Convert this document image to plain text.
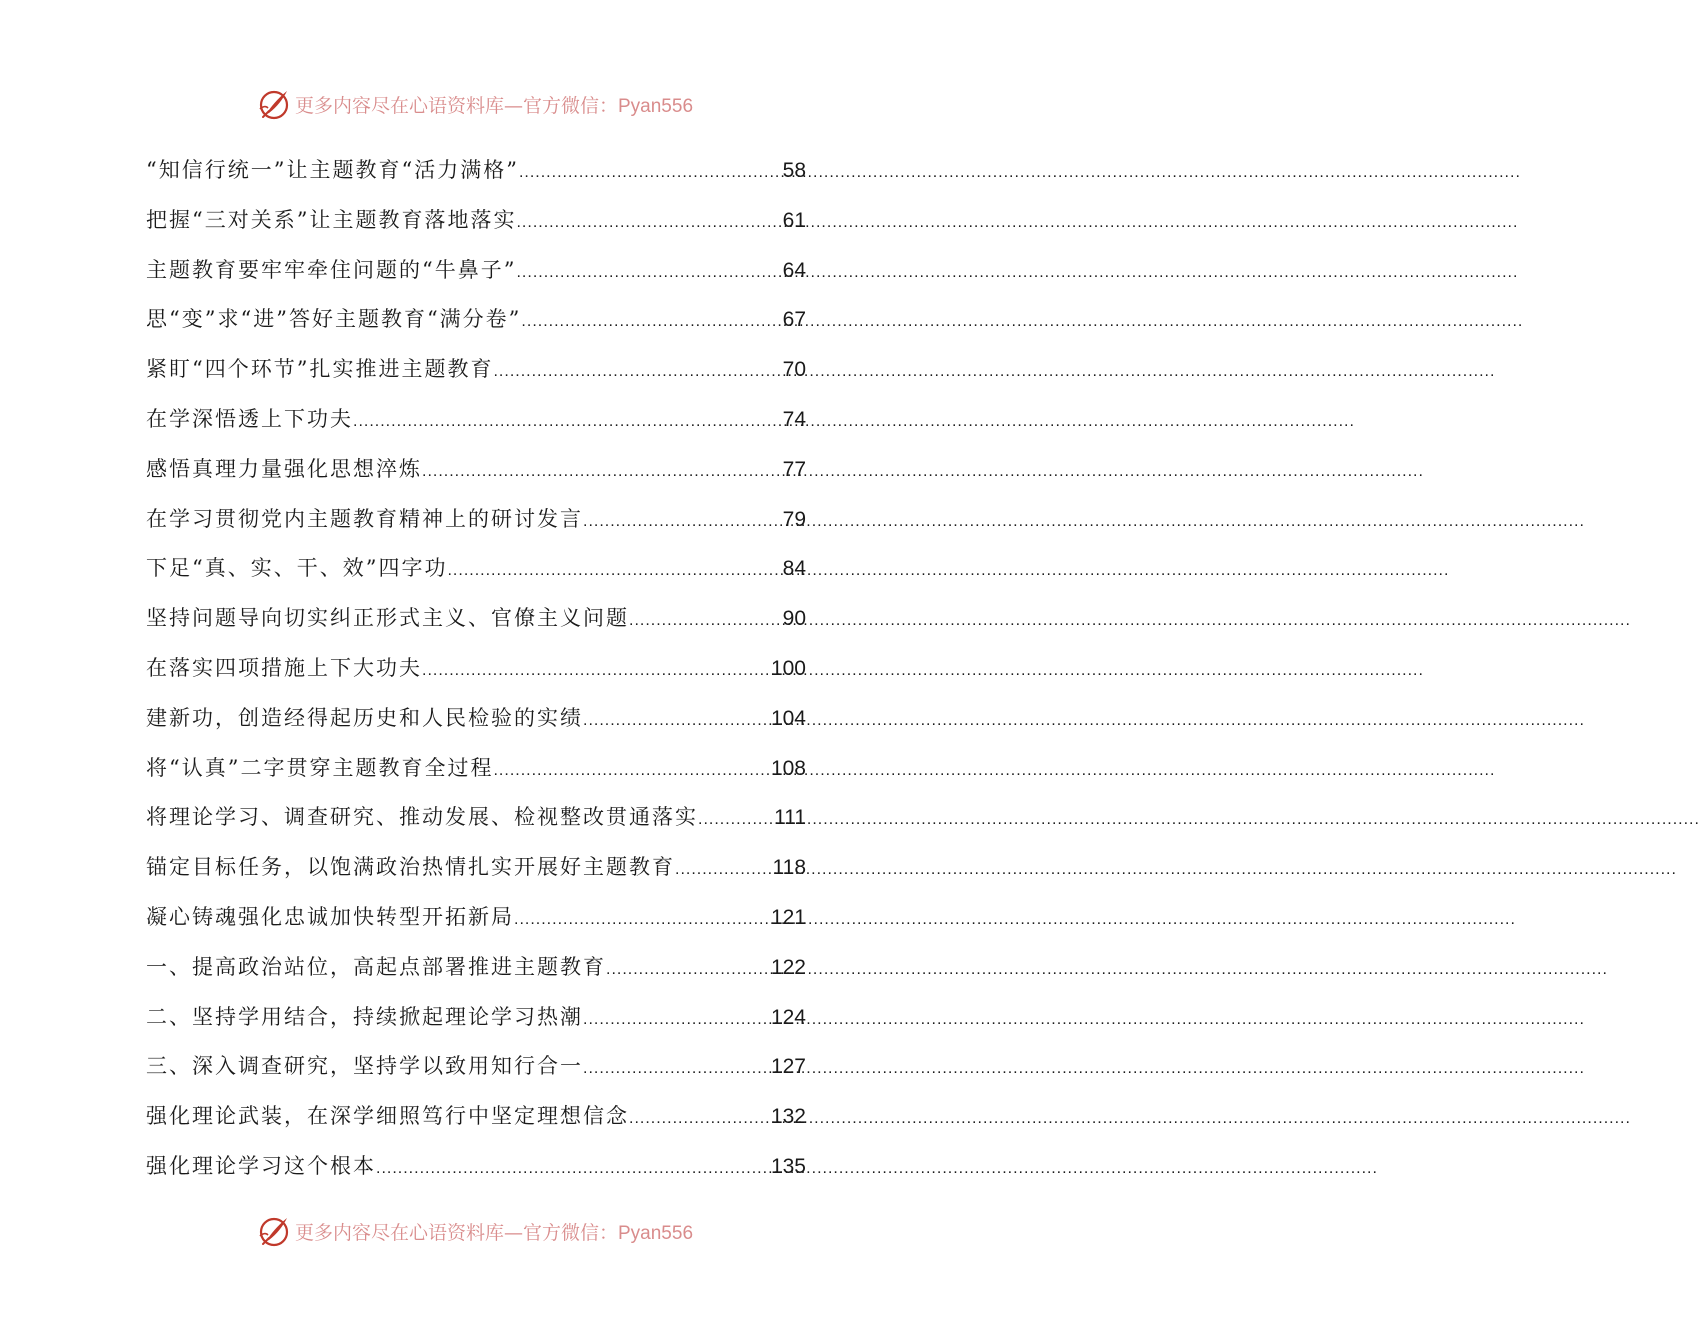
更多内容尽在心语资料库—官方微信：Pyan556
“知信行统一”让主题教育“活力满格” .....	58
把握“三对关系”让主题教育落地落实 .....	61
主题教育要牢牢牵住问题的“牛鼻子” .....	64
思“变”求“进”答好主题教育“满分卷” .....	67
紧盯“四个环节”扎实推进主题教育 .....	70
在学深悟透上下功夫 .....	74
感悟真理力量强化思想淬炼 .....	77
在学习贯彻党内主题教育精神上的研讨发言 .....	79
下足“真、实、干、效”四字功 .....	84
坚持问题导向切实纠正形式主义、官僚主义问题 .....	90
在落实四项措施上下大功夫 .....	100
建新功，创造经得起历史和人民检验的实绩 .....	104
将“认真”二字贯穿主题教育全过程 .....	108
将理论学习、调查研究、推动发展、检视整改贯通落实 .....	111
锚定目标任务，以饱满政治热情扎实开展好主题教育 .....	118
凝心铸魂强化忠诚加快转型开拓新局 .....	121
一、提高政治站位，高起点部署推进主题教育 .....	122
二、坚持学用结合，持续掀起理论学习热潮 .....	124
三、深入调查研究，坚持学以致用知行合一 .....	127
强化理论武装，在深学细照笃行中坚定理想信念 .....	132
强化理论学习这个根本 .....	135
更多内容尽在心语资料库—官方微信：Pyan556
